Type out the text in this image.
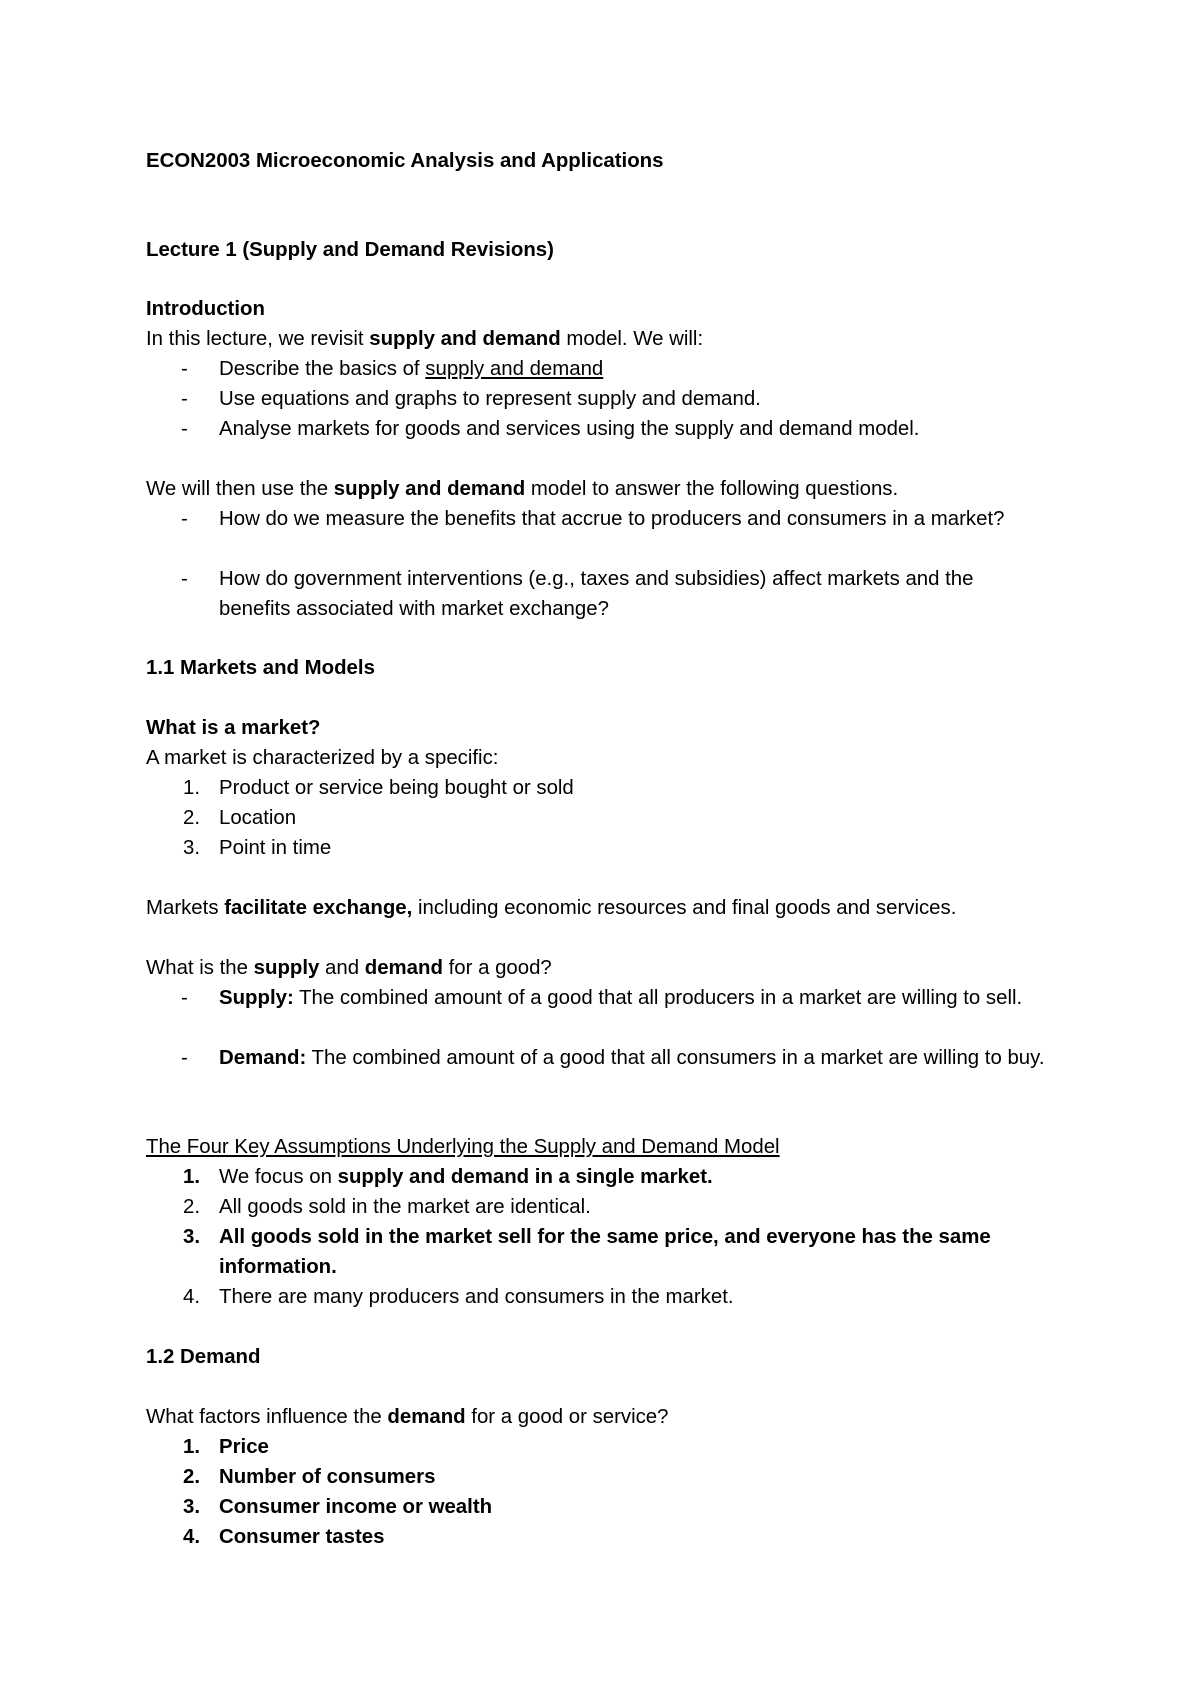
ECON2003 Microeconomic Analysis and Applications
Lecture 1 (Supply and Demand Revisions)
Introduction
In this lecture, we revisit supply and demand model. We will:
-	Describe the basics of supply and demand
-	Use equations and graphs to represent supply and demand.
-	Analyse markets for goods and services using the supply and demand model.
We will then use the supply and demand model to answer the following questions.
-	How do we measure the benefits that accrue to producers and consumers in a market?
-	How do government interventions (e.g., taxes and subsidies) affect markets and the benefits associated with market exchange?
1.1 Markets and Models
What is a market?
A market is characterized by a specific:
1. Product or service being bought or sold
2. Location
3. Point in time
Markets facilitate exchange, including economic resources and final goods and services.
What is the supply and demand for a good?
-	Supply: The combined amount of a good that all producers in a market are willing to sell.
-	Demand: The combined amount of a good that all consumers in a market are willing to buy.
The Four Key Assumptions Underlying the Supply and Demand Model
1. We focus on supply and demand in a single market.
2. All goods sold in the market are identical.
3. All goods sold in the market sell for the same price, and everyone has the same information.
4. There are many producers and consumers in the market.
1.2 Demand
What factors influence the demand for a good or service?
1. Price
2. Number of consumers
3. Consumer income or wealth
4. Consumer tastes
